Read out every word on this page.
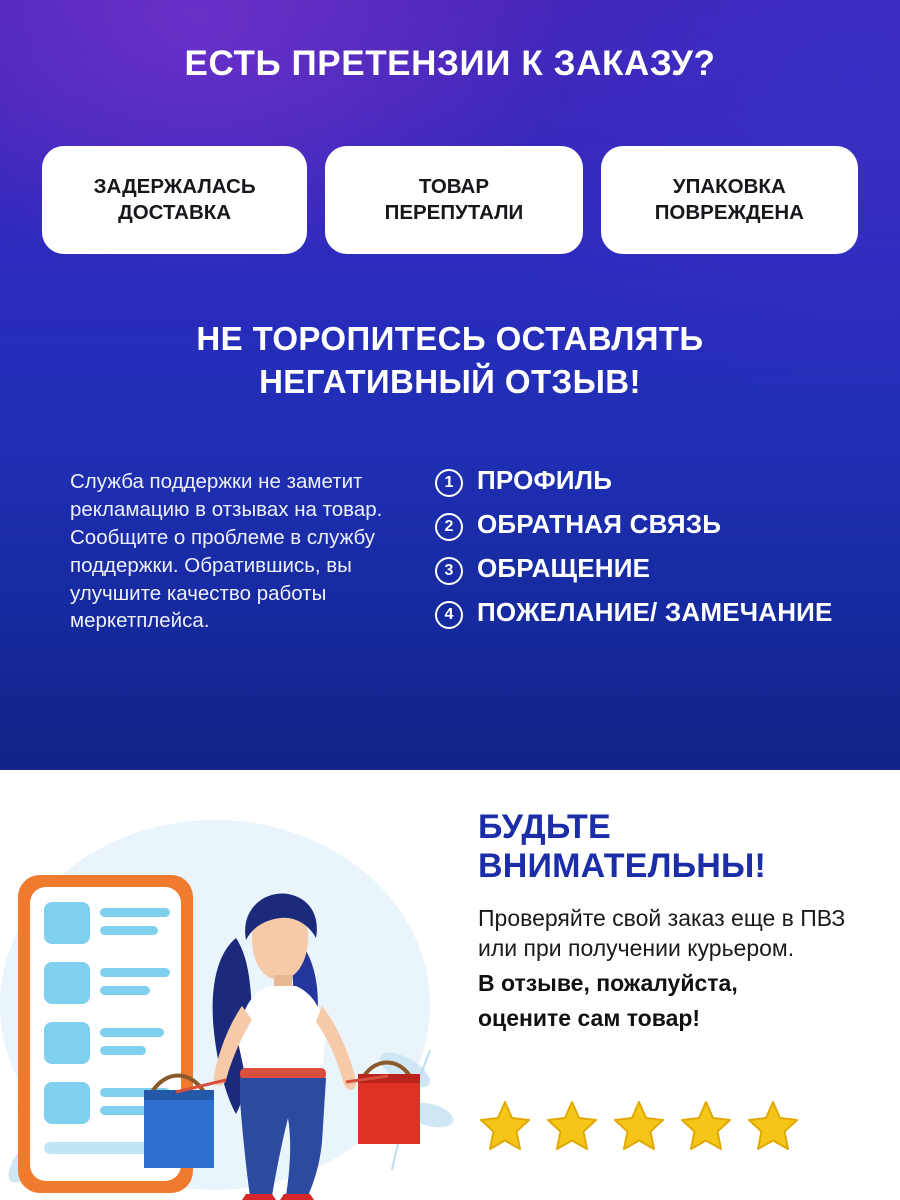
ЕСТЬ ПРЕТЕНЗИИ К ЗАКАЗУ?
ЗАДЕРЖАЛАСЬ
ДОСТАВКА
ТОВАР
ПЕРЕПУТАЛИ
УПАКОВКА
ПОВРЕЖДЕНА
НЕ ТОРОПИТЕСЬ ОСТАВЛЯТЬ
НЕГАТИВНЫЙ ОТЗЫВ!
Служба поддержки не заметит рекламацию в отзывах на товар. Сообщите о проблеме в службу поддержки. Обратившись, вы улучшите качество работы меркетплейса.
1 ПРОФИЛЬ
2 ОБРАТНАЯ СВЯЗЬ
3 ОБРАЩЕНИЕ
4 ПОЖЕЛАНИЕ/ ЗАМЕЧАНИЕ
БУДЬТЕ
ВНИМАТЕЛЬНЫ!
Проверяйте свой заказ еще в ПВЗ или при получении курьером.
В отзыве, пожалуйста,
оцените сам товар!
